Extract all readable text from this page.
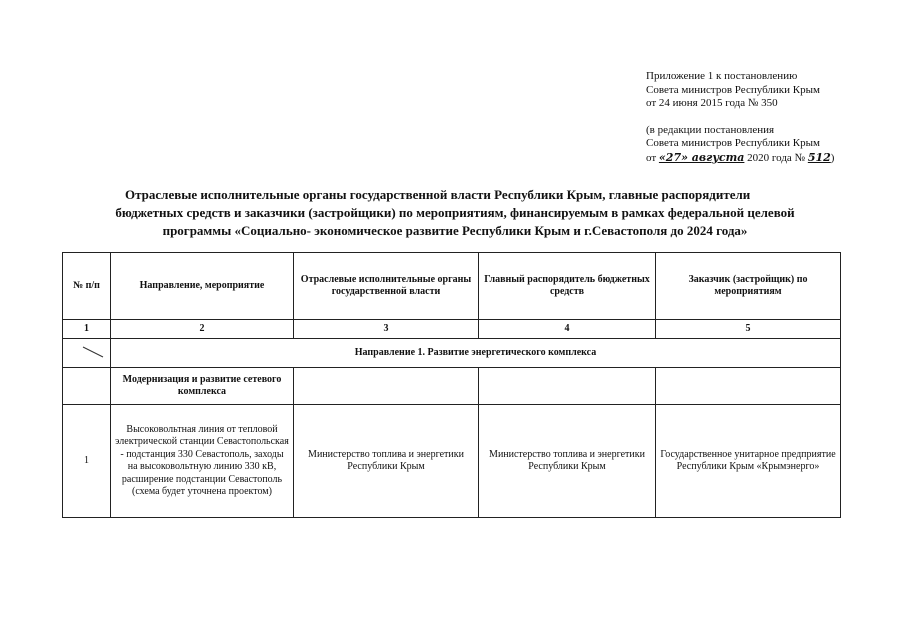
Приложение 1 к постановлению
Совета министров Республики Крым
от 24 июня 2015 года № 350
(в редакции постановления
Совета министров Республики Крым
от «27» августа 2020 года № 512)
Отраслевые исполнительные органы государственной власти Республики Крым, главные распорядители
бюджетных средств и заказчики (застройщики) по мероприятиям, финансируемым в рамках федеральной целевой
программы «Социально- экономическое развитие Республики Крым и г.Севастополя до 2024 года»
№ п/п	Направление, мероприятие	Отраслевые исполнительные органы государственной власти	Главный распорядитель бюджетных средств	Заказчик (застройщик) по мероприятиям
1	2	3	4	5

	Направление 1. Развитие энергетического комплекса			
	Модернизация и развитие сетевого комплекса			
1	Высоковольтная линия от тепловой электрической станции Севастопольская - подстанция 330 Севастополь, заходы на высоковольтную линию 330 кВ, расширение подстанции Севастополь (схема будет уточнена проектом)	Министерство топлива и энергетики Республики Крым	Министерство топлива и энергетики Республики Крым	Государственное унитарное предприятие Республики Крым «Крымэнерго»
